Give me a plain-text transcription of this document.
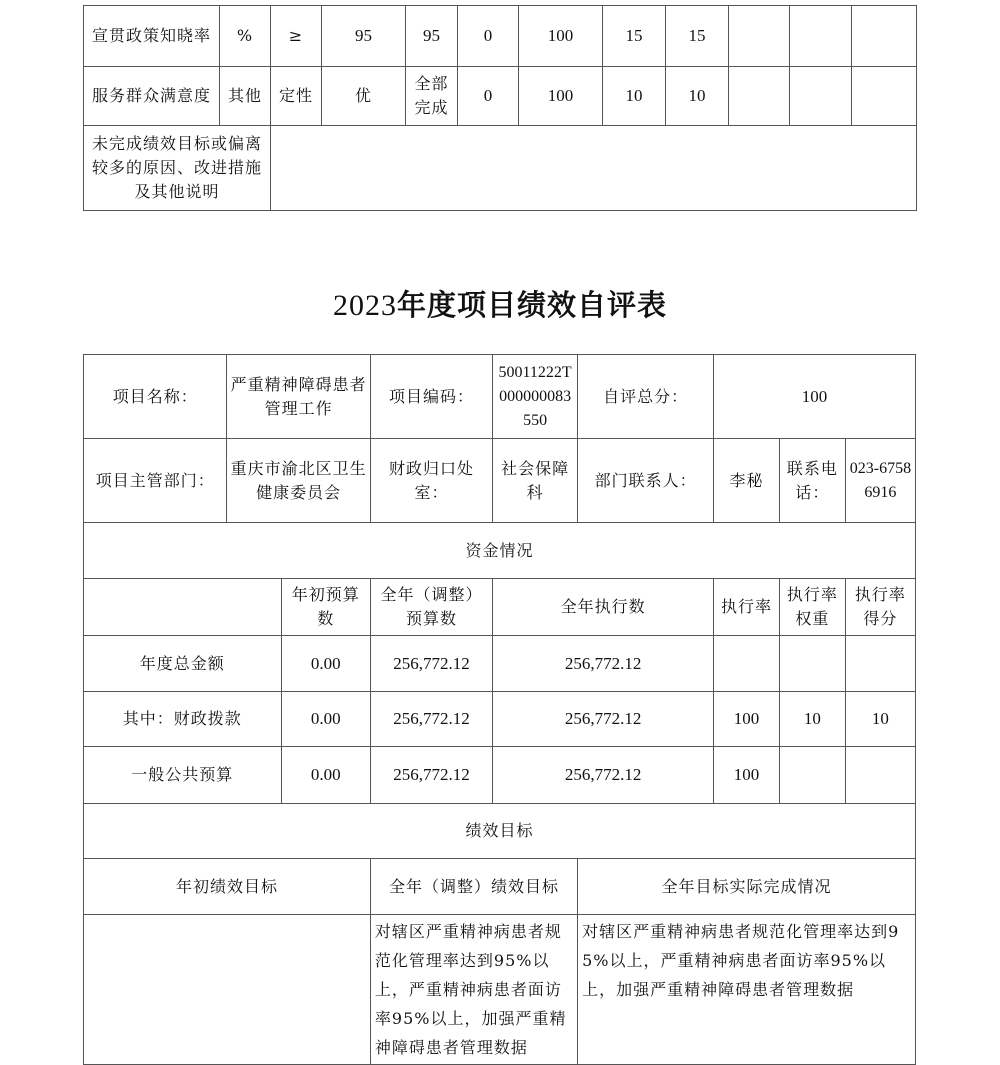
宣贯政策知晓率	%	≥	95	95	0	100	15	15			
服务群众满意度	其他	定性	优	全部完成	0	100	10	10			
未完成绩效目标或偏离较多的原因、改进措施及其他说明											
2023年度项目绩效自评表
项目名称：	严重精神障碍患者管理工作		项目编码：	50011222T000000083550	自评总分：	100		
项目主管部门：	重庆市渝北区卫生健康委员会		财政归口处室：	社会保障科	部门联系人：	李秘	联系电话：	023-67586916
资金情况								
		年初预算数	全年（调整）预算数	全年执行数		执行率	执行率权重	执行率得分
年度总金额		0.00	256,772.12	256,772.12				
其中：财政拨款		0.00	256,772.12	256,772.12		100	10	10
一般公共预算		0.00	256,772.12	256,772.12		100		
绩效目标								
年初绩效目标			全年（调整）绩效目标		全年目标实际完成情况			
			对辖区严重精神病患者规范化管理率达到95%以上，严重精神病患者面访率95%以上，加强严重精神障碍患者管理数据		对辖区严重精神病患者规范化管理率达到95%以上，严重精神病患者面访率95%以上，加强严重精神障碍患者管理数据			
